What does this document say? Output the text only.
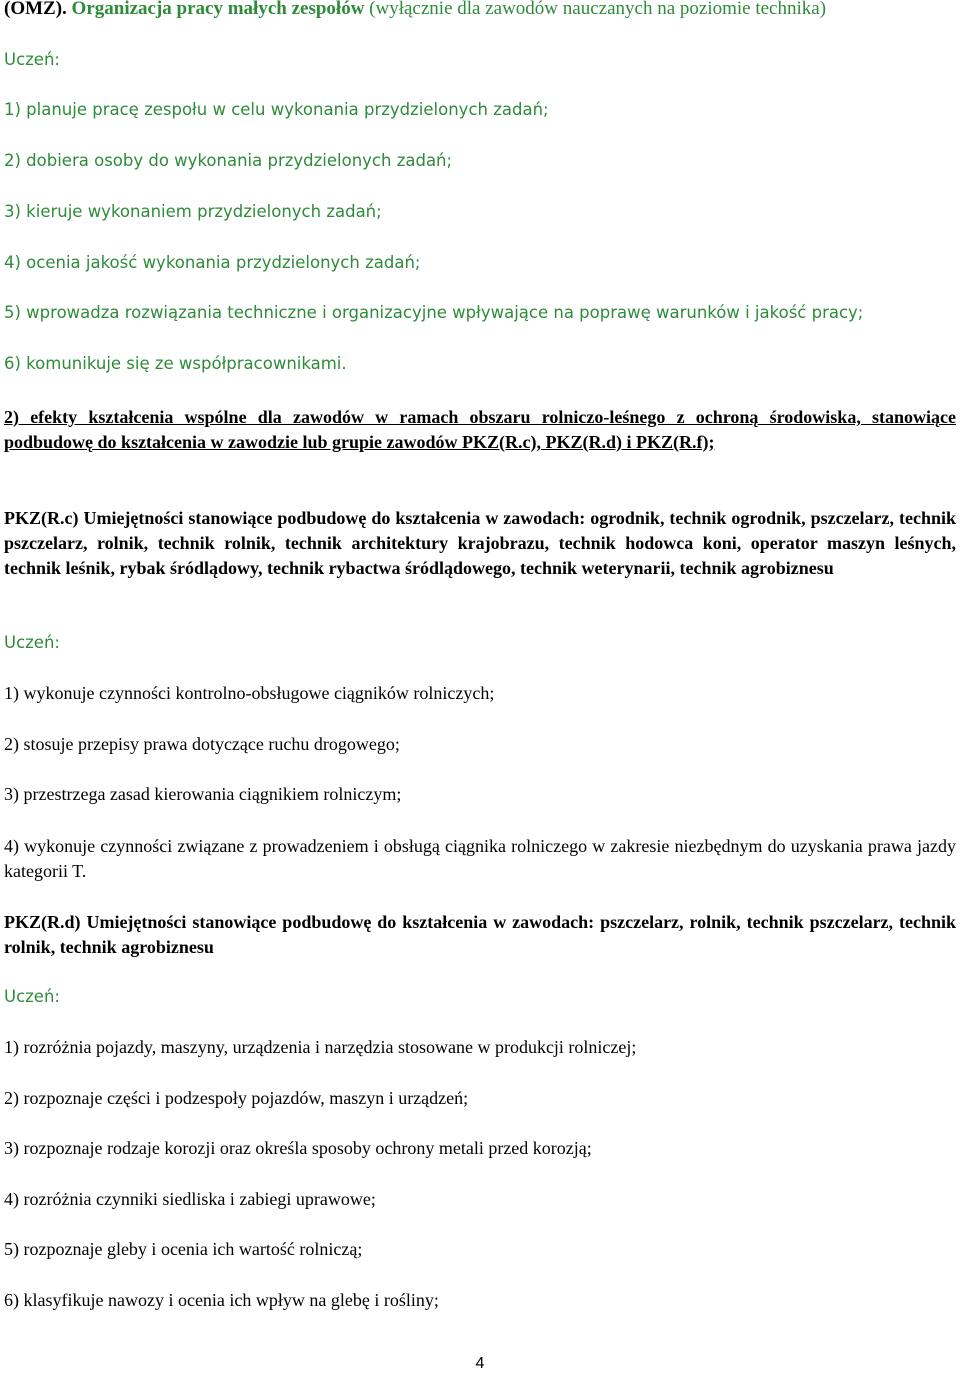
(OMZ). Organizacja pracy małych zespołów (wyłącznie dla zawodów nauczanych na poziomie technika)
Uczeń:
1) planuje pracę zespołu w celu wykonania przydzielonych zadań;
2) dobiera osoby do wykonania przydzielonych zadań;
3) kieruje wykonaniem przydzielonych zadań;
4) ocenia jakość wykonania przydzielonych zadań;
5) wprowadza rozwiązania techniczne i organizacyjne wpływające na poprawę warunków i jakość pracy;
6) komunikuje się ze współpracownikami.
2) efekty kształcenia wspólne dla zawodów w ramach obszaru rolniczo-leśnego z ochroną środowiska, stanowiące podbudowę do kształcenia w zawodzie lub grupie zawodów PKZ(R.c), PKZ(R.d) i PKZ(R.f);
PKZ(R.c) Umiejętności stanowiące podbudowę do kształcenia w zawodach: ogrodnik, technik ogrodnik, pszczelarz, technik pszczelarz, rolnik, technik rolnik, technik architektury krajobrazu, technik hodowca koni, operator maszyn leśnych, technik leśnik, rybak śródlądowy, technik rybactwa śródlądowego, technik weterynarii, technik agrobiznesu
Uczeń:
1) wykonuje czynności kontrolno-obsługowe ciągników rolniczych;
2) stosuje przepisy prawa dotyczące ruchu drogowego;
3) przestrzega zasad kierowania ciągnikiem rolniczym;
4) wykonuje czynności związane z prowadzeniem i obsługą ciągnika rolniczego w zakresie niezbędnym do uzyskania prawa jazdy kategorii T.
PKZ(R.d) Umiejętności stanowiące podbudowę do kształcenia w zawodach: pszczelarz, rolnik, technik pszczelarz, technik rolnik, technik agrobiznesu
Uczeń:
1) rozróżnia pojazdy, maszyny, urządzenia i narzędzia stosowane w produkcji rolniczej;
2) rozpoznaje części i podzespoły pojazdów, maszyn i urządzeń;
3) rozpoznaje rodzaje korozji oraz określa sposoby ochrony metali przed korozją;
4) rozróżnia czynniki siedliska i zabiegi uprawowe;
5) rozpoznaje gleby i ocenia ich wartość rolniczą;
6) klasyfikuje nawozy i ocenia ich wpływ na glebę i rośliny;
4
